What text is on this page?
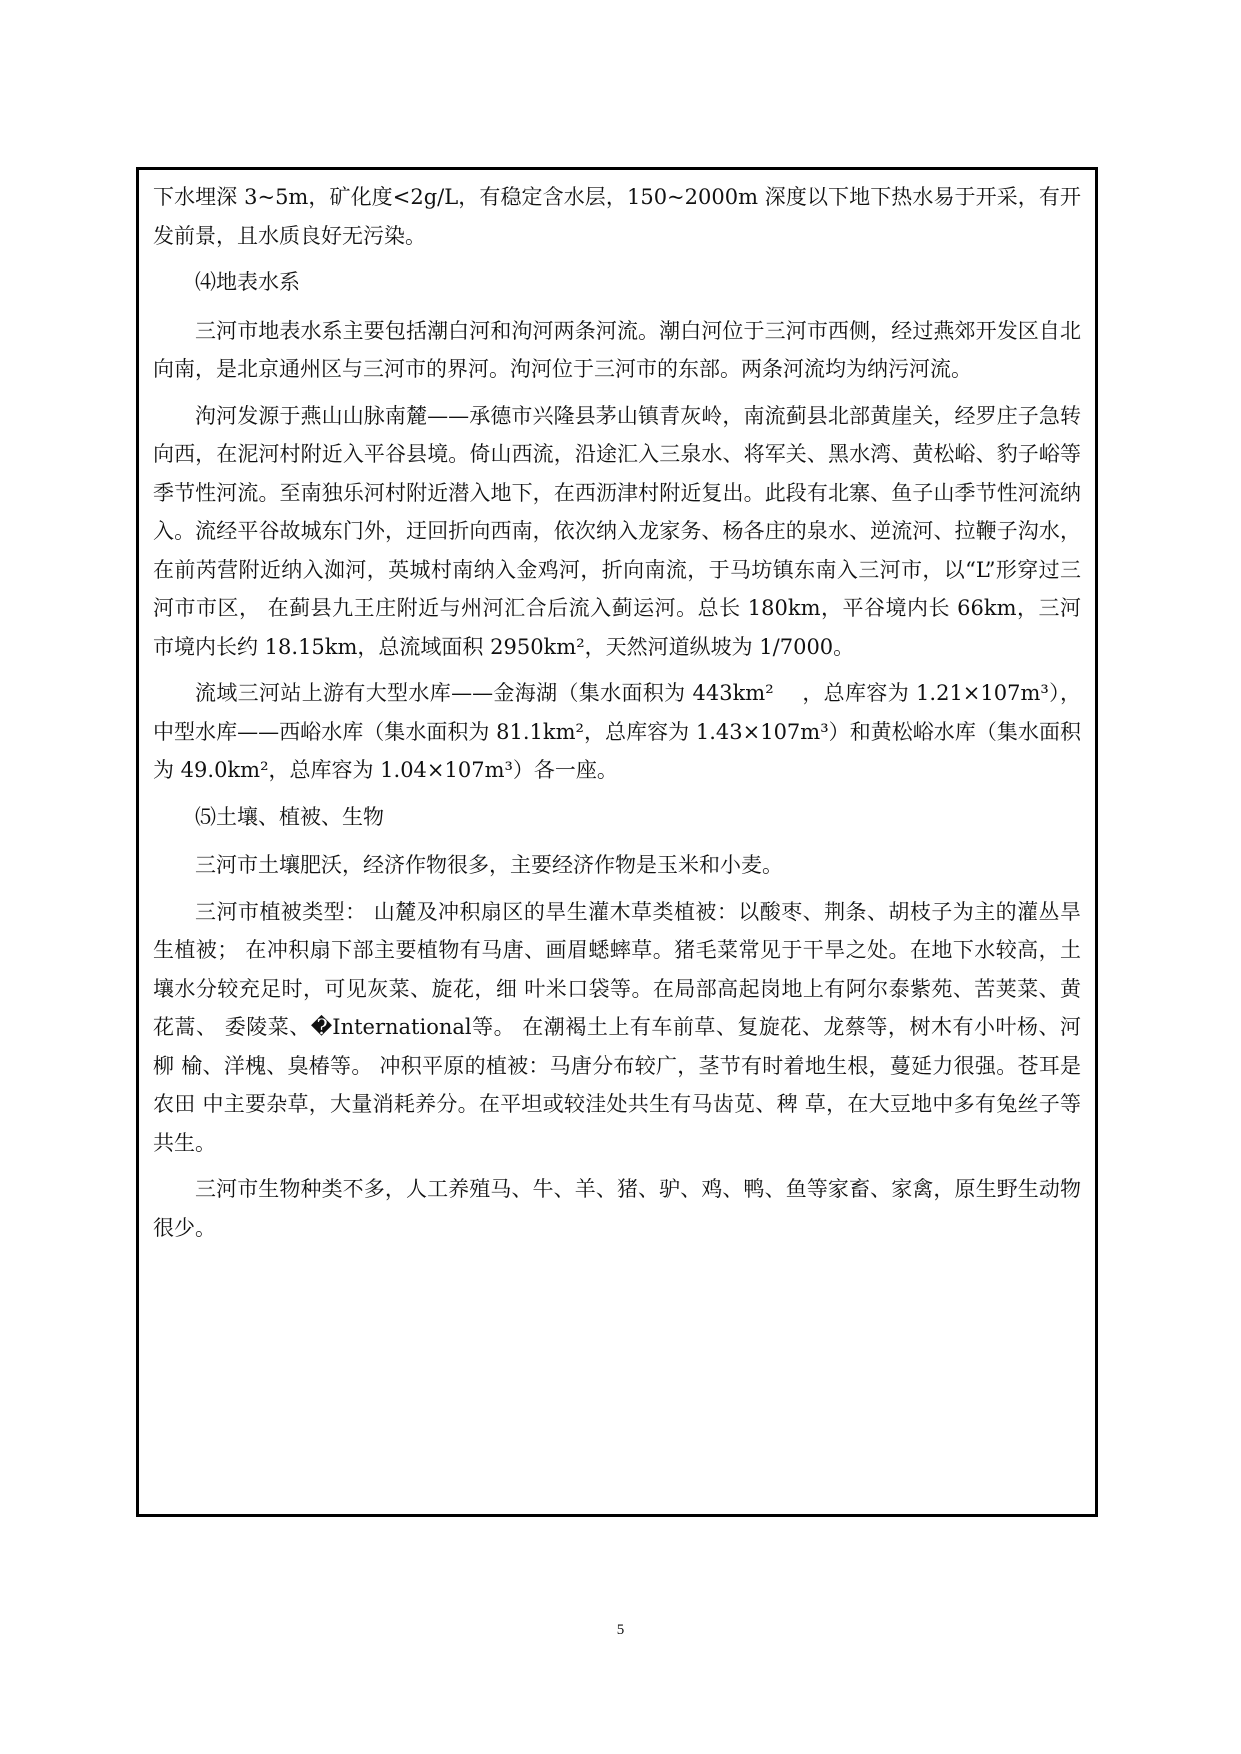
下水埋深 3~5m，矿化度<2g/L，有稳定含水层，150~2000m 深度以下地下热水易于开采，有开发前景，且水质良好无污染。

⑷地表水系

三河市地表水系主要包括潮白河和泃河两条河流。潮白河位于三河市西侧，经过燕郊开发区自北向南，是北京通州区与三河市的界河。泃河位于三河市的东部。两条河流均为纳污河流。

泃河发源于燕山山脉南麓——承德市兴隆县茅山镇青灰岭，南流蓟县北部黄崖关，经罗庄子急转向西，在泥河村附近入平谷县境。倚山西流，沿途汇入三泉水、将军关、黑水湾、黄松峪、豹子峪等季节性河流。至南独乐河村附近潜入地下，在西沥津村附近复出。此段有北寨、鱼子山季节性河流纳入。流经平谷故城东门外，迂回折向西南，依次纳入龙家务、杨各庄的泉水、逆流河、拉鞭子沟水，在前芮营附近纳入洳河，英城村南纳入金鸡河，折向南流，于马坊镇东南入三河市，以“L”形穿过三河市市区， 在蓟县九王庄附近与州河汇合后流入蓟运河。总长 180km，平谷境内长 66km，三河市境内长约 18.15km，总流域面积 2950km²，天然河道纵坡为 1/7000。

流域三河站上游有大型水库——金海湖（集水面积为 443km²　 ，总库容为 1.21×107m³），中型水库——西峪水库（集水面积为 81.1km²，总库容为 1.43×107m³）和黄松峪水库（集水面积为 49.0km²，总库容为 1.04×107m³）各一座。

⑸土壤、植被、生物

三河市土壤肥沃，经济作物很多，主要经济作物是玉米和小麦。

三河市植被类型： 山麓及冲积扇区的旱生灌木草类植被：以酸枣、荆条、胡枝子为主的灌丛旱生植被； 在冲积扇下部主要植物有马唐、画眉蟋蟀草。猪毛菜常见于干旱之处。在地下水较高，土壤水分较充足时，可见灰菜、旋花，细 叶米口袋等。在局部高起岗地上有阿尔泰紫苑、苦荚菜、黄花蒿、 委陵菜、�International等。 在潮褐土上有车前草、复旋花、龙蔡等，树木有小叶杨、河柳 榆、洋槐、臭椿等。 冲积平原的植被：马唐分布较广，茎节有时着地生根，蔓延力很强。苍耳是农田 中主要杂草，大量消耗养分。在平坦或较洼处共生有马齿苋、稗 草，在大豆地中多有兔丝子等共生。

三河市生物种类不多，人工养殖马、牛、羊、猪、驴、鸡、鸭、鱼等家畜、家禽，原生野生动物很少。

5
